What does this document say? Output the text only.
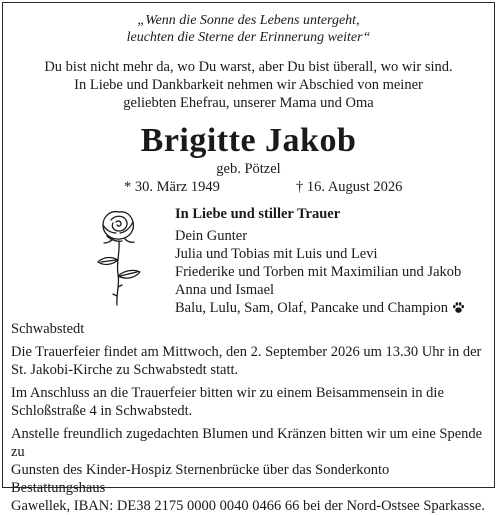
„Wenn die Sonne des Lebens untergeht,
leuchten die Sterne der Erinnerung weiter“
Du bist nicht mehr da, wo Du warst, aber Du bist überall, wo wir sind.
In Liebe und Dankbarkeit nehmen wir Abschied von meiner
geliebten Ehefrau, unserer Mama und Oma
Brigitte Jakob
geb. Pötzel
* 30. März 1949	† 16. August 2026
In Liebe und stiller Trauer
Dein Gunter
Julia und Tobias mit Luis und Levi
Friederike und Torben mit Maximilian und Jakob
Anna und Ismael
Balu, Lulu, Sam, Olaf, Pancake und Champion
Schwabstedt
Die Trauerfeier findet am Mittwoch, den 2. September 2026 um 13.30 Uhr in der
St. Jakobi-Kirche zu Schwabstedt statt.
Im Anschluss an die Trauerfeier bitten wir zu einem Beisammensein in die
Schloßstraße 4 in Schwabstedt.
Anstelle freundlich zugedachten Blumen und Kränzen bitten wir um eine Spende zu
Gunsten des Kinder-Hospiz Sternenbrücke über das Sonderkonto Bestattungshaus
Gawellek, IBAN: DE38 2175 0000 0040 0466 66 bei der Nord-Ostsee Sparkasse.
